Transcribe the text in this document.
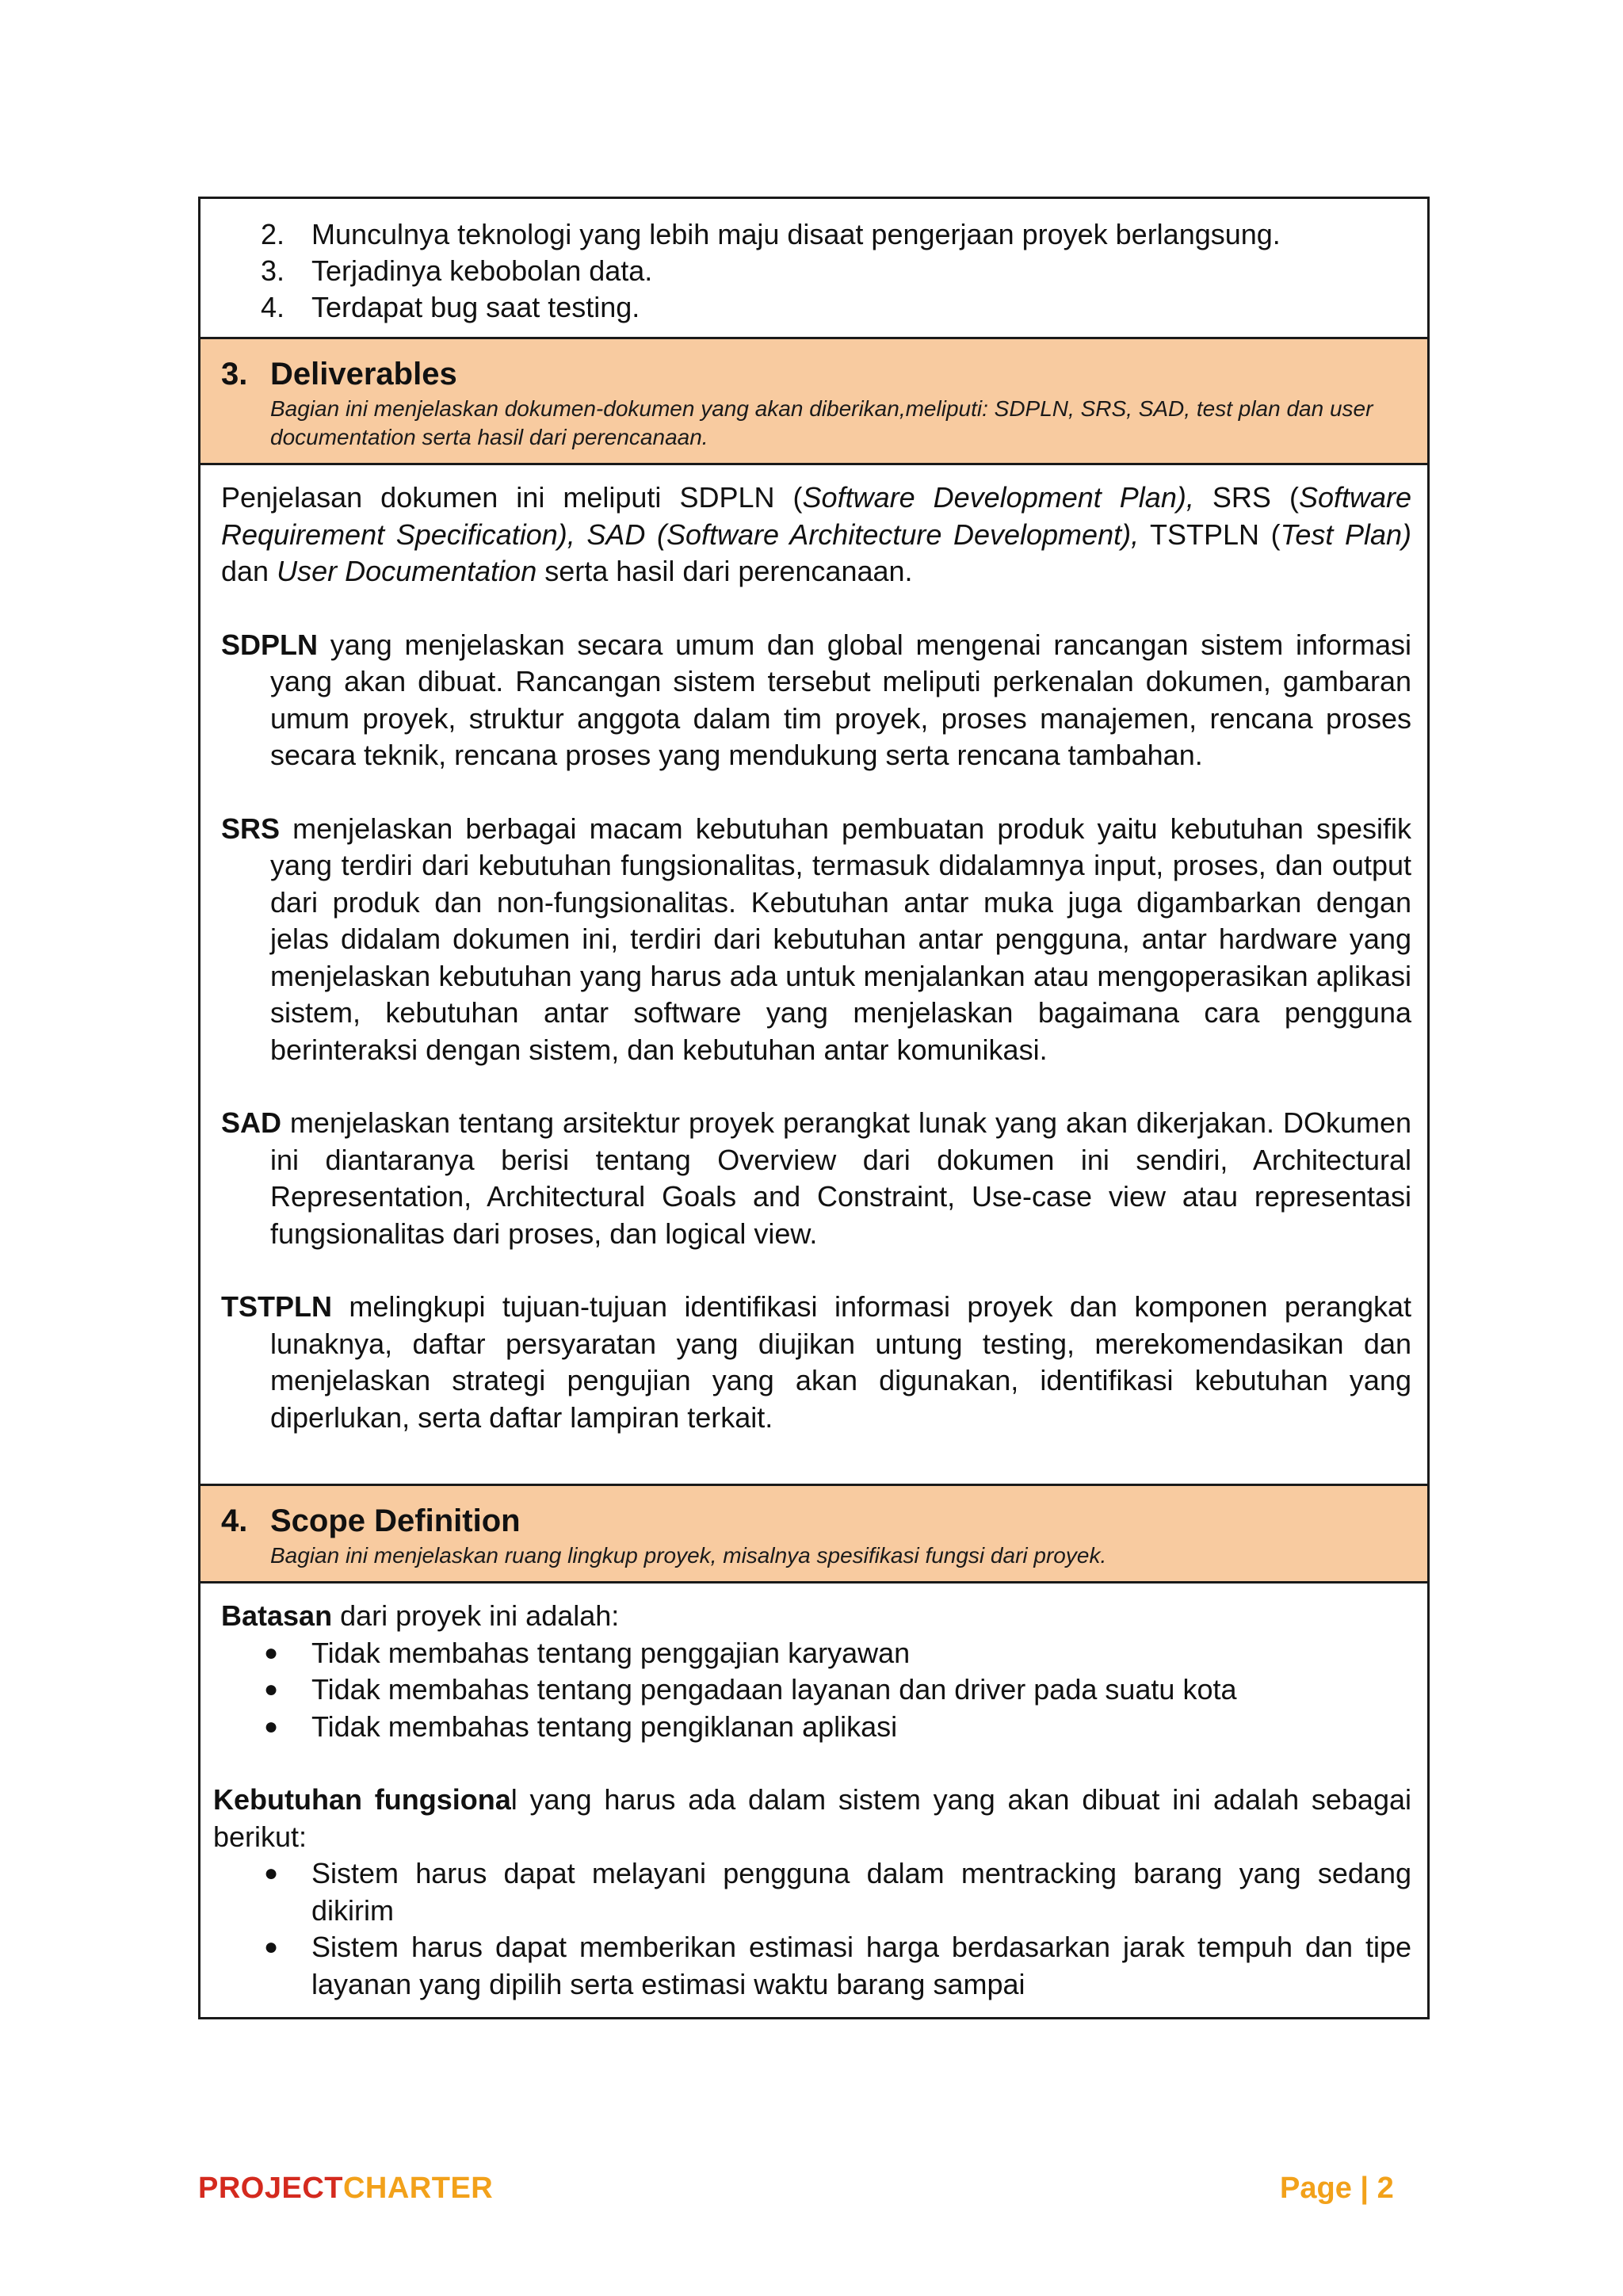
2. Munculnya teknologi yang lebih maju disaat pengerjaan proyek berlangsung.
3. Terjadinya kebobolan data.
4. Terdapat bug saat testing.
3. Deliverables
Bagian ini menjelaskan dokumen-dokumen yang akan diberikan,meliputi: SDPLN, SRS, SAD, test plan dan user documentation serta hasil dari perencanaan.
Penjelasan dokumen ini meliputi SDPLN (Software Development Plan), SRS (Software Requirement Specification), SAD (Software Architecture Development), TSTPLN (Test Plan) dan User Documentation serta hasil dari perencanaan.
SDPLN yang menjelaskan secara umum dan global mengenai rancangan sistem informasi yang akan dibuat. Rancangan sistem tersebut meliputi perkenalan dokumen, gambaran umum proyek, struktur anggota dalam tim proyek, proses manajemen, rencana proses secara teknik, rencana proses yang mendukung serta rencana tambahan.
SRS menjelaskan berbagai macam kebutuhan pembuatan produk yaitu kebutuhan spesifik yang terdiri dari kebutuhan fungsionalitas, termasuk didalamnya input, proses, dan output dari produk dan non-fungsionalitas. Kebutuhan antar muka juga digambarkan dengan jelas didalam dokumen ini, terdiri dari kebutuhan antar pengguna, antar hardware yang menjelaskan kebutuhan yang harus ada untuk menjalankan atau mengoperasikan aplikasi sistem, kebutuhan antar software yang menjelaskan bagaimana cara pengguna berinteraksi dengan sistem, dan kebutuhan antar komunikasi.
SAD menjelaskan tentang arsitektur proyek perangkat lunak yang akan dikerjakan. DOkumen ini diantaranya berisi tentang Overview dari dokumen ini sendiri, Architectural Representation, Architectural Goals and Constraint, Use-case view atau representasi fungsionalitas dari proses, dan logical view.
TSTPLN melingkupi tujuan-tujuan identifikasi informasi proyek dan komponen perangkat lunaknya, daftar persyaratan yang diujikan untung testing, merekomendasikan dan menjelaskan strategi pengujian yang akan digunakan, identifikasi kebutuhan yang diperlukan, serta daftar lampiran terkait.
4. Scope Definition
Bagian ini menjelaskan ruang lingkup proyek, misalnya spesifikasi fungsi dari proyek.
Batasan dari proyek ini adalah:
● Tidak membahas tentang penggajian karyawan
● Tidak membahas tentang pengadaan layanan dan driver pada suatu kota
● Tidak membahas tentang pengiklanan aplikasi
Kebutuhan fungsional yang harus ada dalam sistem yang akan dibuat ini adalah sebagai berikut:
● Sistem harus dapat melayani pengguna dalam mentracking barang yang sedang dikirim
● Sistem harus dapat memberikan estimasi harga berdasarkan jarak tempuh dan tipe layanan yang dipilih serta estimasi waktu barang sampai
PROJECTCHARTER	Page | 2
